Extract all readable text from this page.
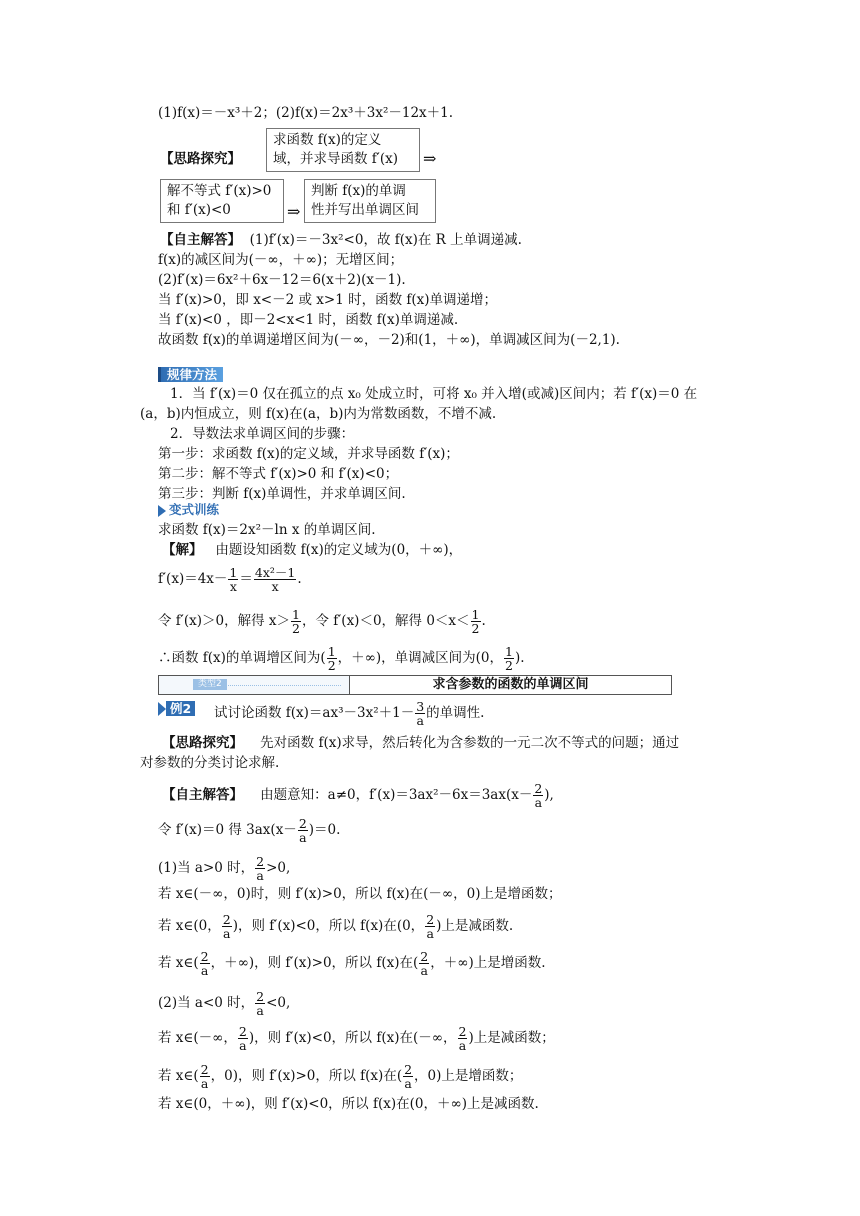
(1)f(x)＝－x³＋2；(2)f(x)＝2x³＋3x²－12x＋1.
【思路探究】
求函数 f(x)的定义
域，并求导函数 f′(x)	⇒
解不等式 f′(x)>0
和 f′(x)<0	⇒
判断 f(x)的单调
性并写出单调区间
【自主解答】 (1)f′(x)＝－3x²<0，故 f(x)在 R 上单调递减.
f(x)的减区间为(－∞，＋∞)；无增区间；
(2)f′(x)＝6x²＋6x－12＝6(x＋2)(x－1).
当 f′(x)>0，即 x<－2 或 x>1 时，函数 f(x)单调递增；
当 f′(x)<0 ，即－2<x<1 时，函数 f(x)单调递减.
故函数 f(x)的单调递增区间为(－∞，－2)和(1，＋∞)，单调减区间为(－2,1).
规律方法
1．当 f′(x)＝0 仅在孤立的点 x₀ 处成立时，可将 x₀ 并入增(或减)区间内；若 f′(x)＝0 在
(a，b)内恒成立，则 f(x)在(a，b)内为常数函数，不增不减.
2．导数法求单调区间的步骤：
第一步：求函数 f(x)的定义域，并求导函数 f′(x)；
第二步：解不等式 f′(x)>0 和 f′(x)<0；
第三步：判断 f(x)单调性，并求单调区间.
变式训练
求函数 f(x)＝2x²－ln x 的单调区间.
【解】 由题设知函数 f(x)的定义域为(0，＋∞)，
$f'(x)=4x- \frac{1}{x} = \frac{\text{4x²－1}}{x}$ .
令 f′(x)＞0，解得 $x> \frac{1}{2}$ ，令 f′(x)＜0，解得 $0<x< \frac{1}{2}$ .
∴函数 f(x)的单调增区间为( $\frac{1}{2}$ ，＋∞)，单调减区间为(0， $\frac{1}{2}$ ).
类型2	求含参数的函数的单调区间
例2 试讨论函数 $f(x)=ax^3-3x^2+1- \frac{3}{a}$ 的单调性.
【思路探究】 先对函数 f(x)求导，然后转化为含参数的一元二次不等式的问题；通过
对参数的分类讨论求解.
【自主解答】 由题意知：a≠0，$f'(x)=3ax^2-6x=3ax(x- \frac{2}{a}$ ),
令 f′(x)＝0 得 $3ax(x- \frac{2}{a} )=0$.
(1)当 a>0 时， $\frac{2}{a} >0$,
若 x∈(－∞，0)时，则 f′(x)>0，所以 f(x)在(－∞，0)上是增函数；
若 x∈(0， $\frac{2}{a}$ )，则 f′(x)<0，所以 f(x)在(0， $\frac{2}{a}$ )上是减函数.
若 x∈( $\frac{2}{a}$ ，＋∞)，则 f′(x)>0，所以 f(x)在( $\frac{2}{a}$ ，＋∞)上是增函数.
(2)当 a<0 时， $\frac{2}{a} <0$,
若 x∈(－∞， $\frac{2}{a}$ )，则 f′(x)<0，所以 f(x)在(－∞， $\frac{2}{a}$ )上是减函数；
若 x∈( $\frac{2}{a}$ ，0)，则 f′(x)>0，所以 f(x)在( $\frac{2}{a}$ ，0)上是增函数；
若 x∈(0，＋∞)，则 f′(x)<0，所以 f(x)在(0，＋∞)上是减函数.
